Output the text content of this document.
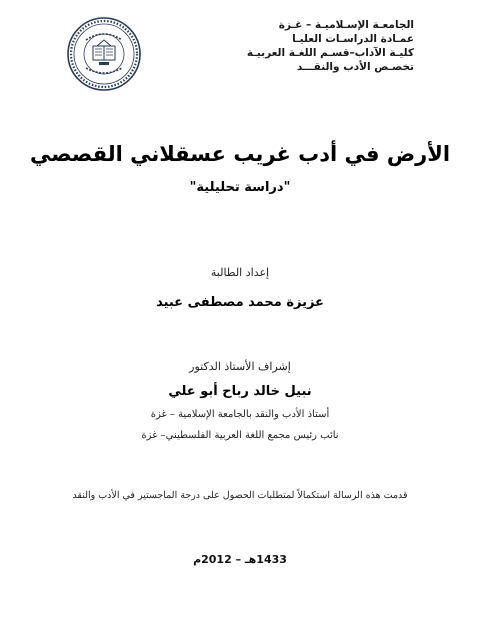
الجامعـة الإسـلاميـة – غـزة
عمـادة الدراسـات العليـا
كليـة الآداب–قسـم اللغـة العربيـة
تخصـص الأدب والنقـــد
الأرض في أدب غريب عسقلاني القصصي
"دراسة تحليلية"
إعداد الطالبة
عزيزة محمد مصطفى عبيد
إشراف الأستاذ الدكتور
نبيل خالد رباح أبو علي
أستاذ الأدب والنقد بالجامعة الإسلامية – غزة
نائب رئيس مجمع اللغة العربية الفلسطيني– غزة
قدمت هذه الرسالة استكمالاً لمتطلبات الحصول على درجة الماجستير في الأدب والنقد
1433هـ – 2012م
